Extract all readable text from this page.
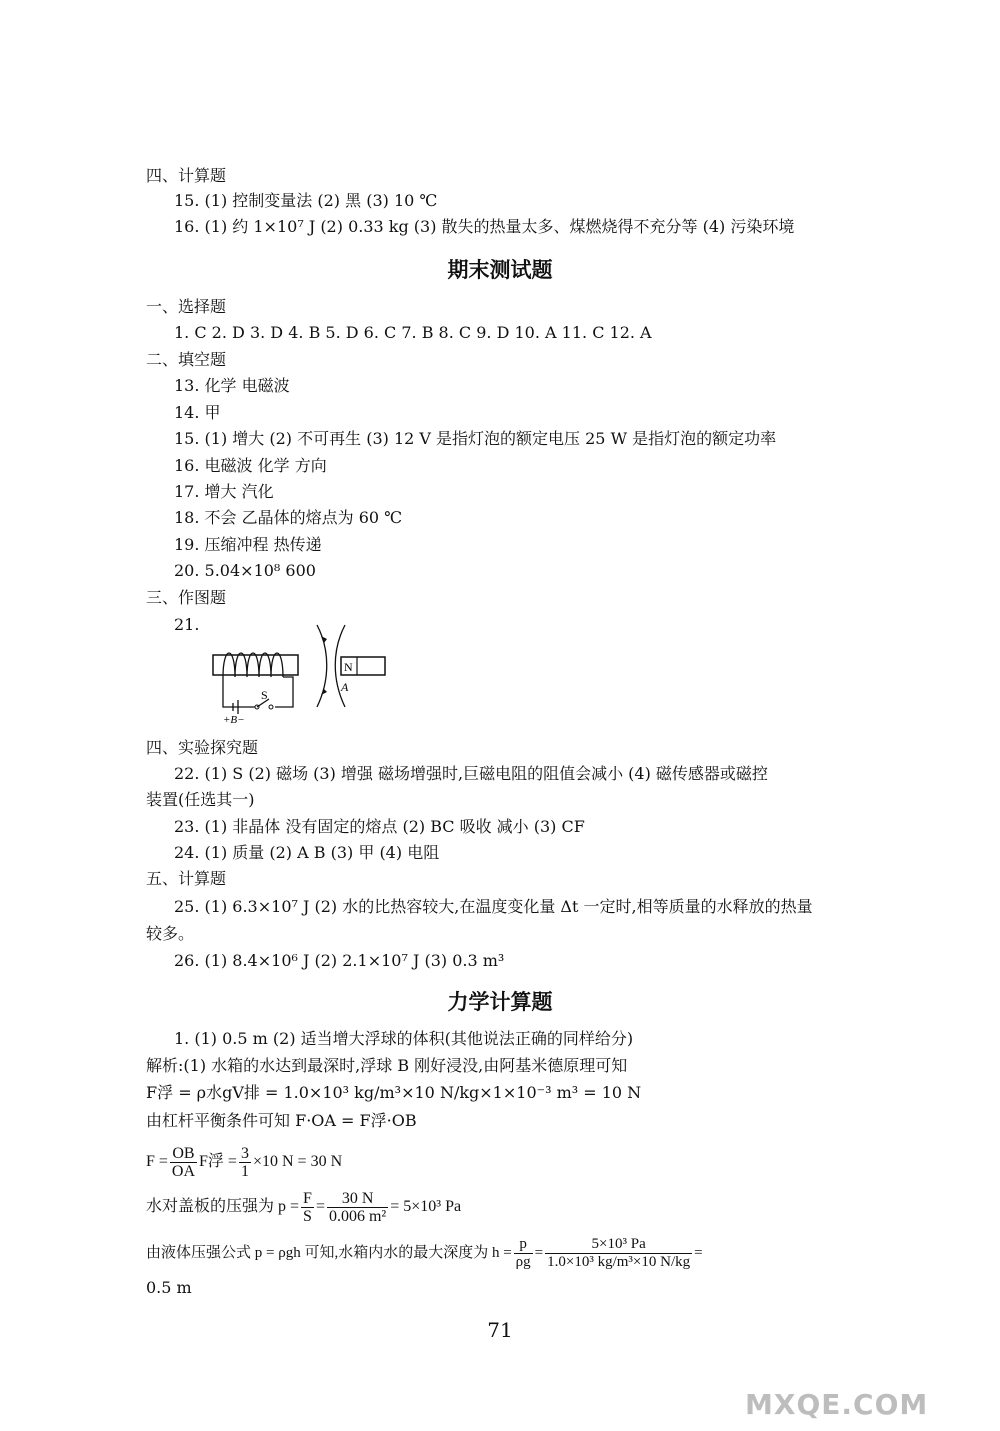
四、计算题
15. (1) 控制变量法 (2) 黑 (3) 10 ℃
16. (1) 约 1×10⁷ J (2) 0.33 kg (3) 散失的热量太多、煤燃烧得不充分等 (4) 污染环境
一、选择题
1. C 2. D 3. D 4. B 5. D 6. C 7. B 8. C 9. D 10. A 11. C 12. A
二、填空题
13. 化学 电磁波
14. 甲
15. (1) 增大 (2) 不可再生 (3) 12 V 是指灯泡的额定电压 25 W 是指灯泡的额定功率
16. 电磁波 化学 方向
17. 增大 汽化
18. 不会 乙晶体的熔点为 60 ℃
19. 压缩冲程 热传递
20. 5.04×10⁸ 600
三、作图题
21.
四、实验探究题
22. (1) S (2) 磁场 (3) 增强 磁场增强时,巨磁电阻的阻值会减小 (4) 磁传感器或磁控
装置(任选其一)
23. (1) 非晶体 没有固定的熔点 (2) BC 吸收 减小 (3) CF
24. (1) 质量 (2) A B (3) 甲 (4) 电阻
五、计算题
25. (1) 6.3×10⁷ J (2) 水的比热容较大,在温度变化量 Δt 一定时,相等质量的水释放的热量
较多。
26. (1) 8.4×10⁶ J (2) 2.1×10⁷ J (3) 0.3 m³
1. (1) 0.5 m (2) 适当增大浮球的体积(其他说法正确的同样给分)
解析:(1) 水箱的水达到最深时,浮球 B 刚好浸没,由阿基米德原理可知
F浮 = ρ水gV排 = 1.0×10³ kg/m³×10 N/kg×1×10⁻³ m³ = 10 N
由杠杆平衡条件可知 F·OA = F浮·OB
0.5 m
期末测试题
力学计算题
N
A
S
+B−
$F = \frac{OB}{OA}$ F浮 = $\frac{3}{1} \times 10$ N = 30 N
水对盖板的压强为 $p = \frac{F}{S} = \frac{30 N}{\text{0.006 m²}} = 5\times 10^3$ Pa
由液体压强公式 p = ρgh 可知,水箱内水的最大深度为 $h = \frac{p}{\rho g} = \frac{\text{5×10³ Pa}}{\text{1.0×10³ kg/m³×10 N/kg}}$ =
71
MXQE.COM
